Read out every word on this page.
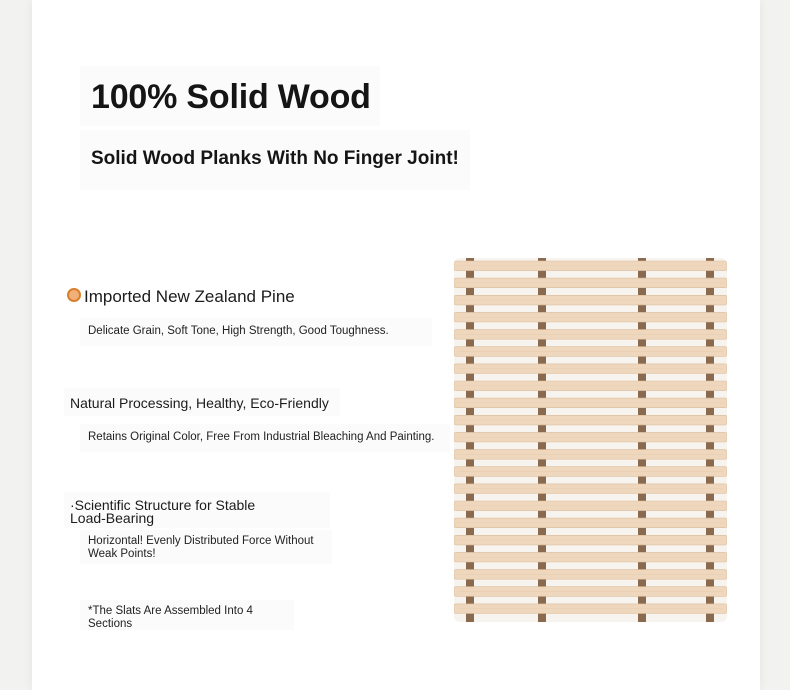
100% Solid Wood
Solid Wood Planks With No Finger Joint!
Imported New Zealand Pine
Delicate Grain, Soft Tone, High Strength, Good Toughness.
Natural Processing, Healthy, Eco-Friendly
Retains Original Color, Free From Industrial Bleaching And Painting.
·Scientific Structure for Stable Load-Bearing
Horizontal! Evenly Distributed Force Without Weak Points!
*The Slats Are Assembled Into 4 Sections
